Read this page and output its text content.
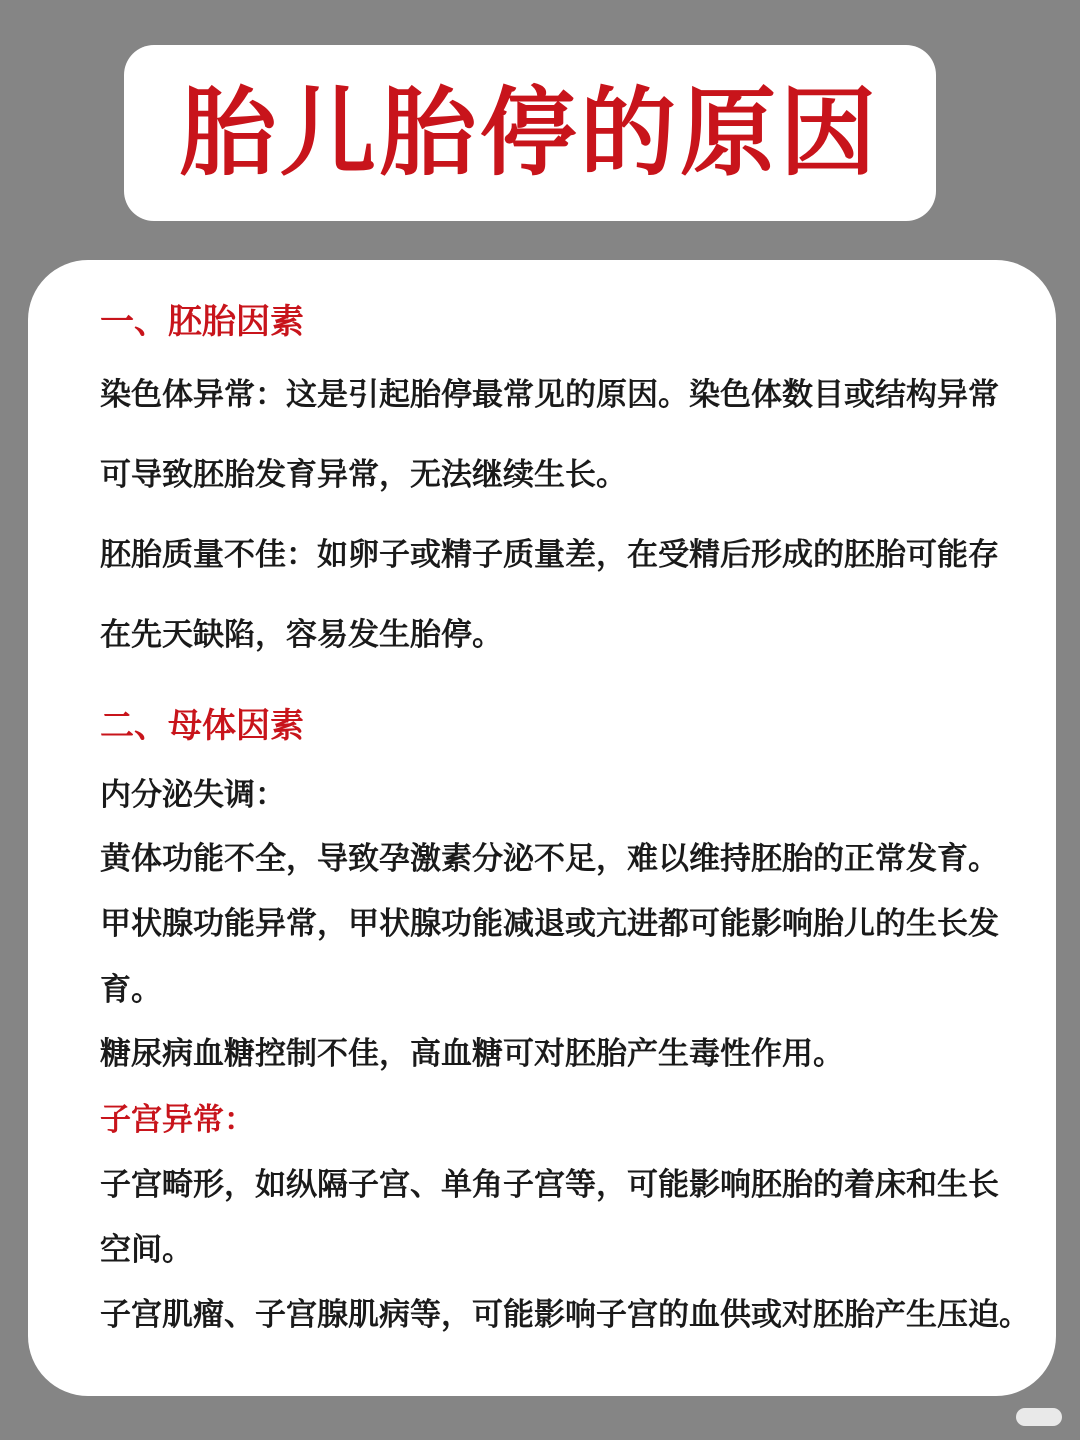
胎儿胎停的原因
一、胚胎因素
染色体异常：这是引起胎停最常见的原因。染色体数目或结构异常
可导致胚胎发育异常，无法继续生长。
胚胎质量不佳：如卵子或精子质量差，在受精后形成的胚胎可能存
在先天缺陷，容易发生胎停。
二、母体因素
内分泌失调：
黄体功能不全，导致孕激素分泌不足，难以维持胚胎的正常发育。
甲状腺功能异常，甲状腺功能减退或亢进都可能影响胎儿的生长发
育。
糖尿病血糖控制不佳，高血糖可对胚胎产生毒性作用。
子宫异常：
子宫畸形，如纵隔子宫、单角子宫等，可能影响胚胎的着床和生长
空间。
子宫肌瘤、子宫腺肌病等，可能影响子宫的血供或对胚胎产生压迫。
